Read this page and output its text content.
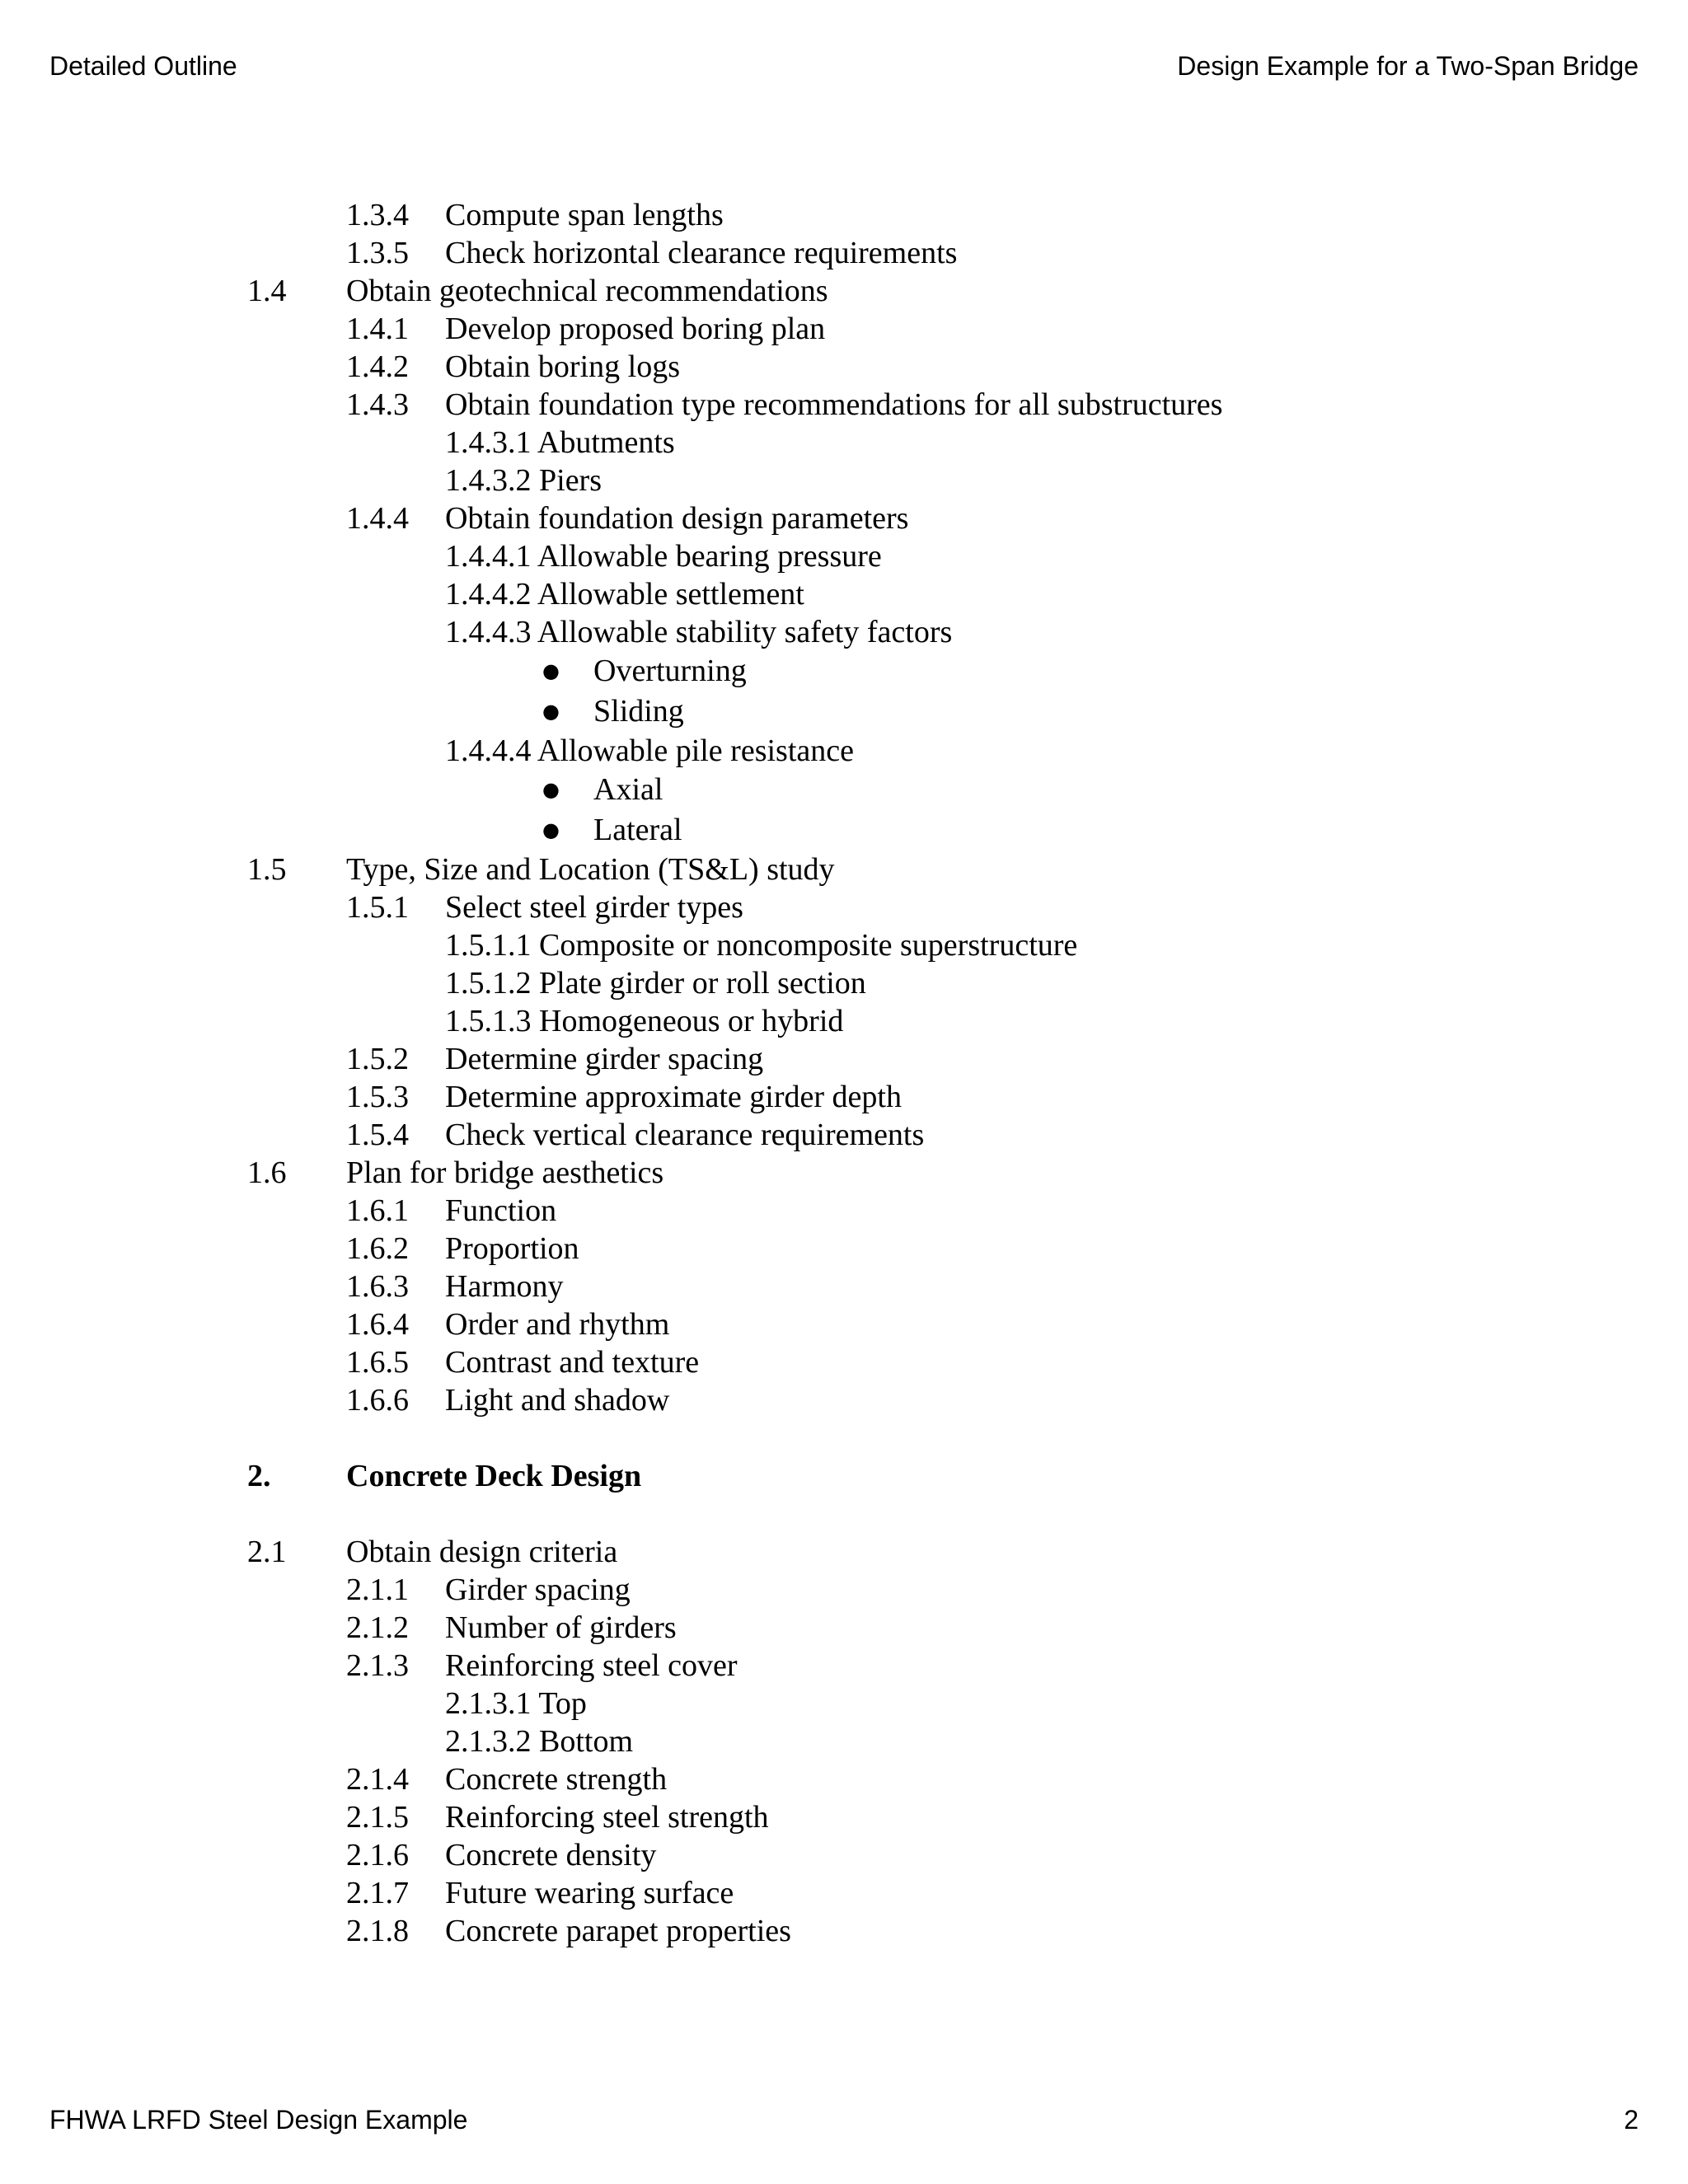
Detailed Outline	Design Example for a Two-Span Bridge
1.3.4 Compute span lengths
1.3.5 Check horizontal clearance requirements
1.4 Obtain geotechnical recommendations
1.4.1 Develop proposed boring plan
1.4.2 Obtain boring logs
1.4.3 Obtain foundation type recommendations for all substructures
1.4.3.1 Abutments
1.4.3.2 Piers
1.4.4 Obtain foundation design parameters
1.4.4.1 Allowable bearing pressure
1.4.4.2 Allowable settlement
1.4.4.3 Allowable stability safety factors
● Overturning
● Sliding
1.4.4.4 Allowable pile resistance
● Axial
● Lateral
1.5 Type, Size and Location (TS&L) study
1.5.1 Select steel girder types
1.5.1.1 Composite or noncomposite superstructure
1.5.1.2 Plate girder or roll section
1.5.1.3 Homogeneous or hybrid
1.5.2 Determine girder spacing
1.5.3 Determine approximate girder depth
1.5.4 Check vertical clearance requirements
1.6 Plan for bridge aesthetics
1.6.1 Function
1.6.2 Proportion
1.6.3 Harmony
1.6.4 Order and rhythm
1.6.5 Contrast and texture
1.6.6 Light and shadow
2. Concrete Deck Design
2.1 Obtain design criteria
2.1.1 Girder spacing
2.1.2 Number of girders
2.1.3 Reinforcing steel cover
2.1.3.1 Top
2.1.3.2 Bottom
2.1.4 Concrete strength
2.1.5 Reinforcing steel strength
2.1.6 Concrete density
2.1.7 Future wearing surface
2.1.8 Concrete parapet properties
FHWA LRFD Steel Design Example	2
